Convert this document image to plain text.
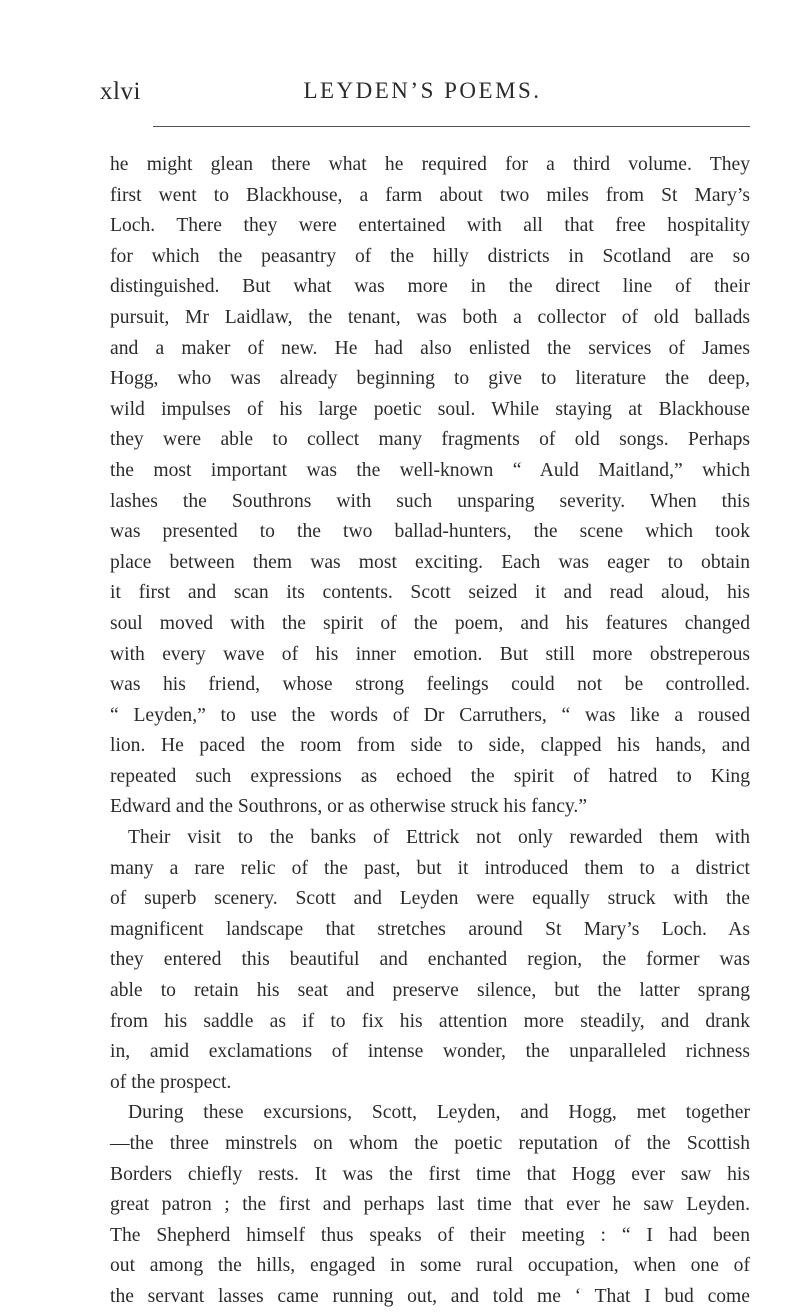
xlvi	LEYDEN’S POEMS.
he might glean there what he required for a third volume. They
first went to Blackhouse, a farm about two miles from St Mary’s
Loch. There they were entertained with all that free hospitality
for which the peasantry of the hilly districts in Scotland are so
distinguished. But what was more in the direct line of their
pursuit, Mr Laidlaw, the tenant, was both a collector of old ballads
and a maker of new. He had also enlisted the services of James
Hogg, who was already beginning to give to literature the deep,
wild impulses of his large poetic soul. While staying at Blackhouse
they were able to collect many fragments of old songs. Perhaps
the most important was the well-known “ Auld Maitland,” which
lashes the Southrons with such unsparing severity. When this
was presented to the two ballad-hunters, the scene which took
place between them was most exciting. Each was eager to obtain
it first and scan its contents. Scott seized it and read aloud, his
soul moved with the spirit of the poem, and his features changed
with every wave of his inner emotion. But still more obstreperous
was his friend, whose strong feelings could not be controlled.
“ Leyden,” to use the words of Dr Carruthers, “ was like a roused
lion. He paced the room from side to side, clapped his hands, and
repeated such expressions as echoed the spirit of hatred to King
Edward and the Southrons, or as otherwise struck his fancy.”
Their visit to the banks of Ettrick not only rewarded them with
many a rare relic of the past, but it introduced them to a district
of superb scenery. Scott and Leyden were equally struck with the
magnificent landscape that stretches around St Mary’s Loch. As
they entered this beautiful and enchanted region, the former was
able to retain his seat and preserve silence, but the latter sprang
from his saddle as if to fix his attention more steadily, and drank
in, amid exclamations of intense wonder, the unparalleled richness
of the prospect.
During these excursions, Scott, Leyden, and Hogg, met together
—the three minstrels on whom the poetic reputation of the Scottish
Borders chiefly rests. It was the first time that Hogg ever saw his
great patron ; the first and perhaps last time that ever he saw Leyden.
The Shepherd himself thus speaks of their meeting : “ I had been
out among the hills, engaged in some rural occupation, when one of
the servant lasses came running out, and told me ‘ That I bud come
